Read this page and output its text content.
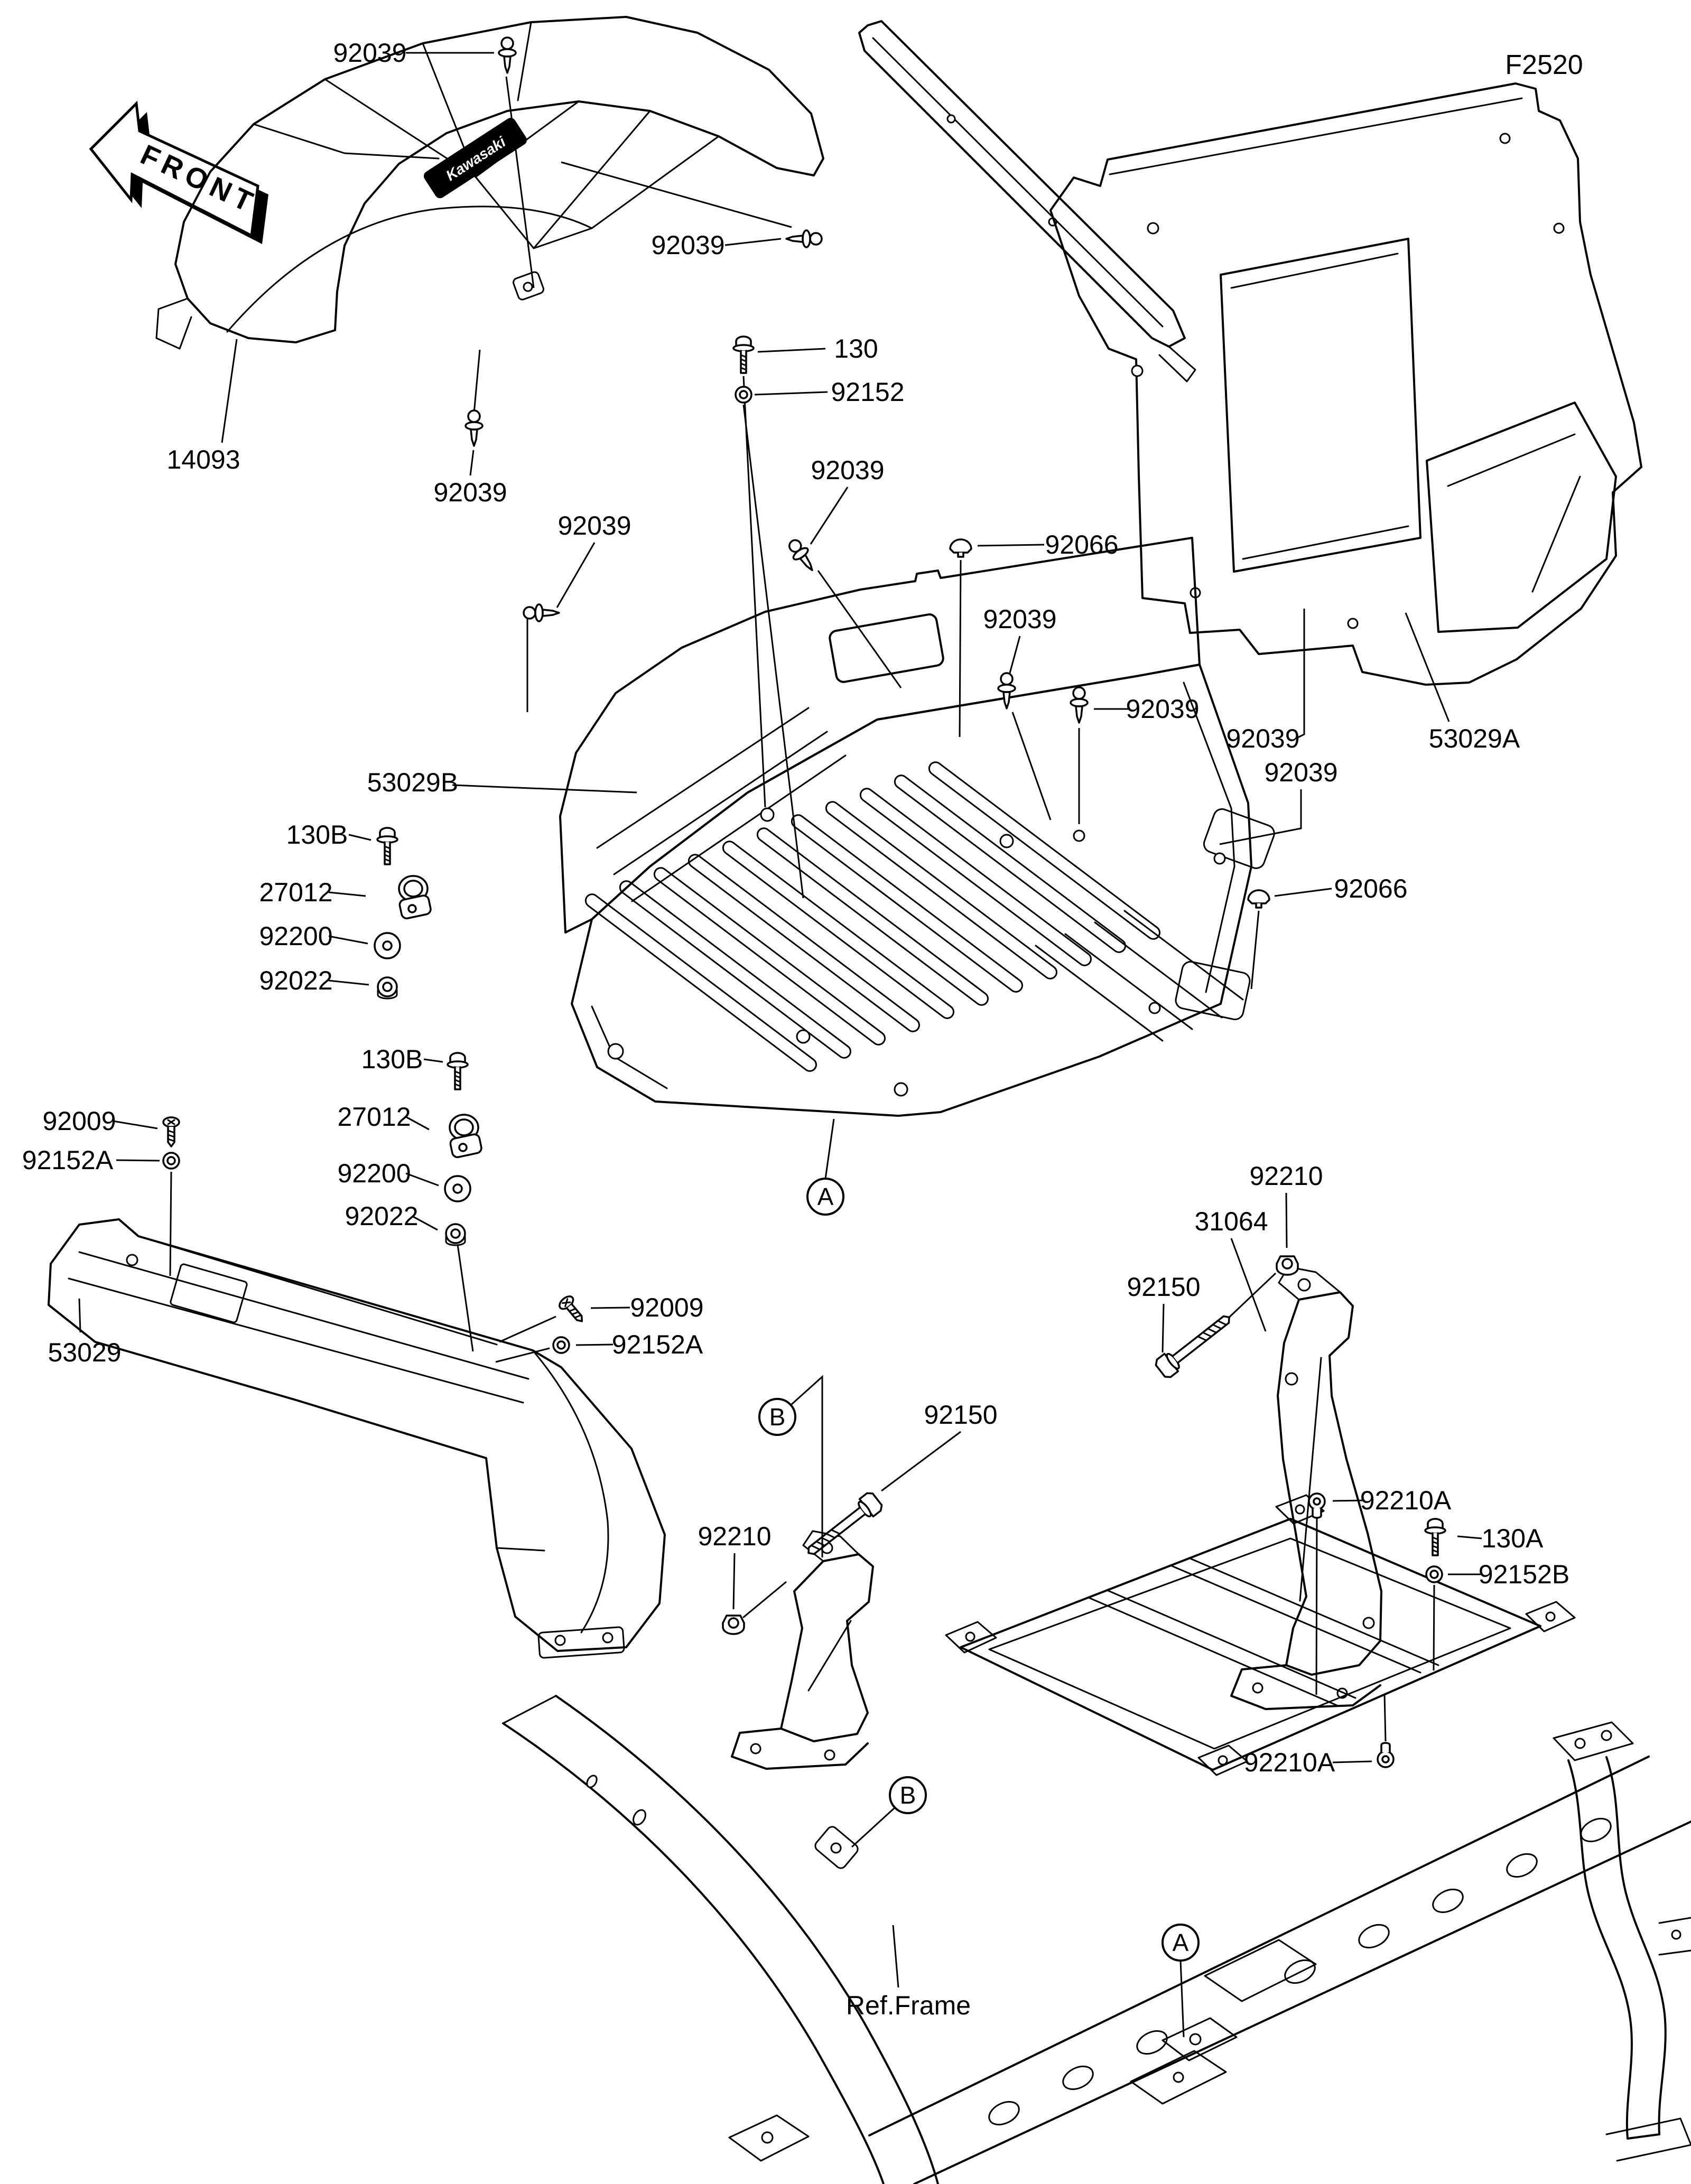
FRONT
F2520
Kawasaki
92039
14093
92039
92039
130
92152
92039
92039
92066
92039
92039
92039
92039
53029A
53029B
130B
27012
92200
92022
92066
130B
27012
92200
92022
92009
92152A
53029
92009
92152A
92210
31064
92150
92150
92210
92210A
130A
92152B
92210A
Ref.Frame
A
B
B
A
